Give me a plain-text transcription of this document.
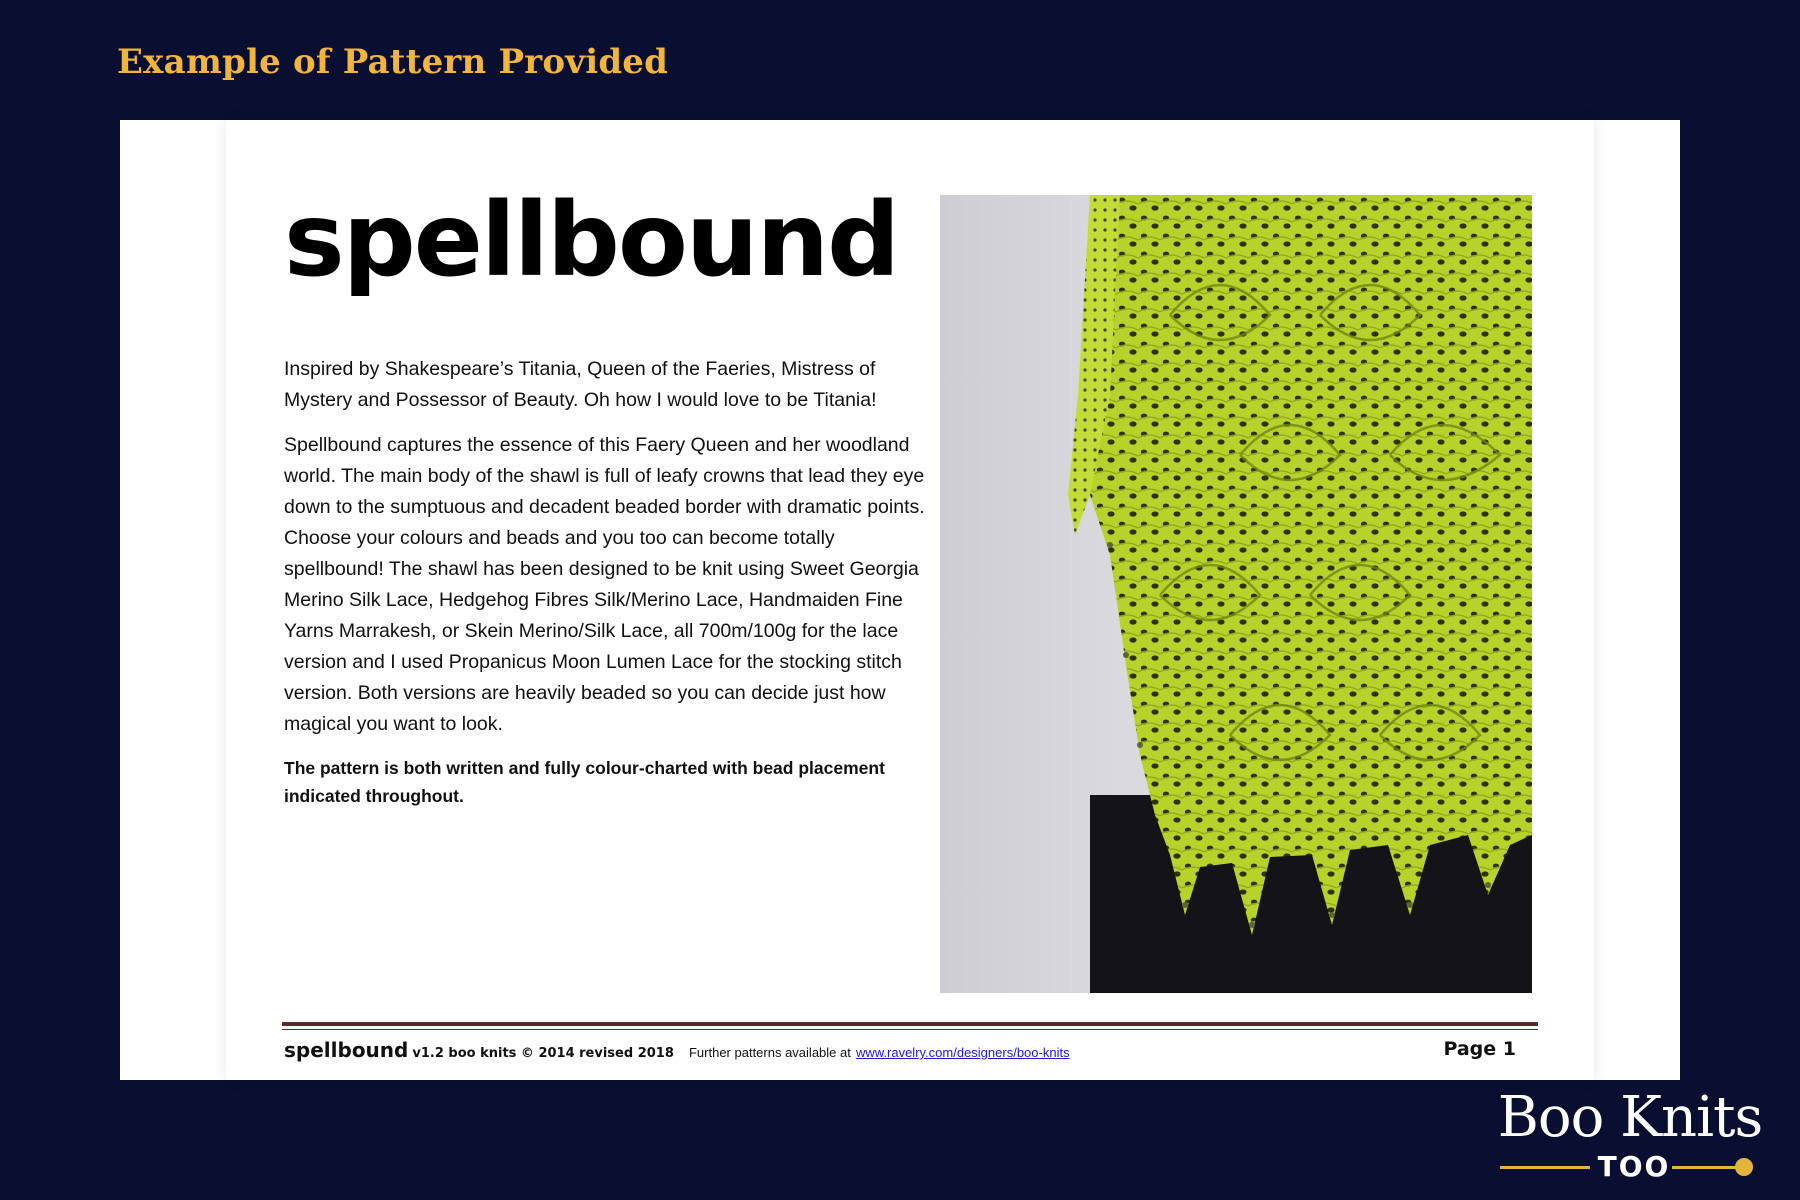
Example of Pattern Provided
spellbound

Inspired by Shakespeare’s Titania, Queen of the Faeries, Mistress of Mystery and Possessor of Beauty. Oh how I would love to be Titania!

Spellbound captures the essence of this Faery Queen and her woodland world. The main body of the shawl is full of leafy crowns that lead they eye down to the sumptuous and decadent beaded border with dramatic points. Choose your colours and beads and you too can become totally spellbound! The shawl has been designed to be knit using Sweet Georgia Merino Silk Lace, Hedgehog Fibres Silk/Merino Lace, Handmaiden Fine Yarns Marrakesh, or Skein Merino/Silk Lace, all 700m/100g for the lace version and I used Propanicus Moon Lumen Lace for the stocking stitch version. Both versions are heavily beaded so you can decide just how magical you want to look.

The pattern is both written and fully colour-charted with bead placement indicated throughout.

spellbound v1.2 boo knits © 2014 revised 2018 Further patterns available at www.ravelry.com/designers/boo-knits	Page 1
Boo Knits
TOO
